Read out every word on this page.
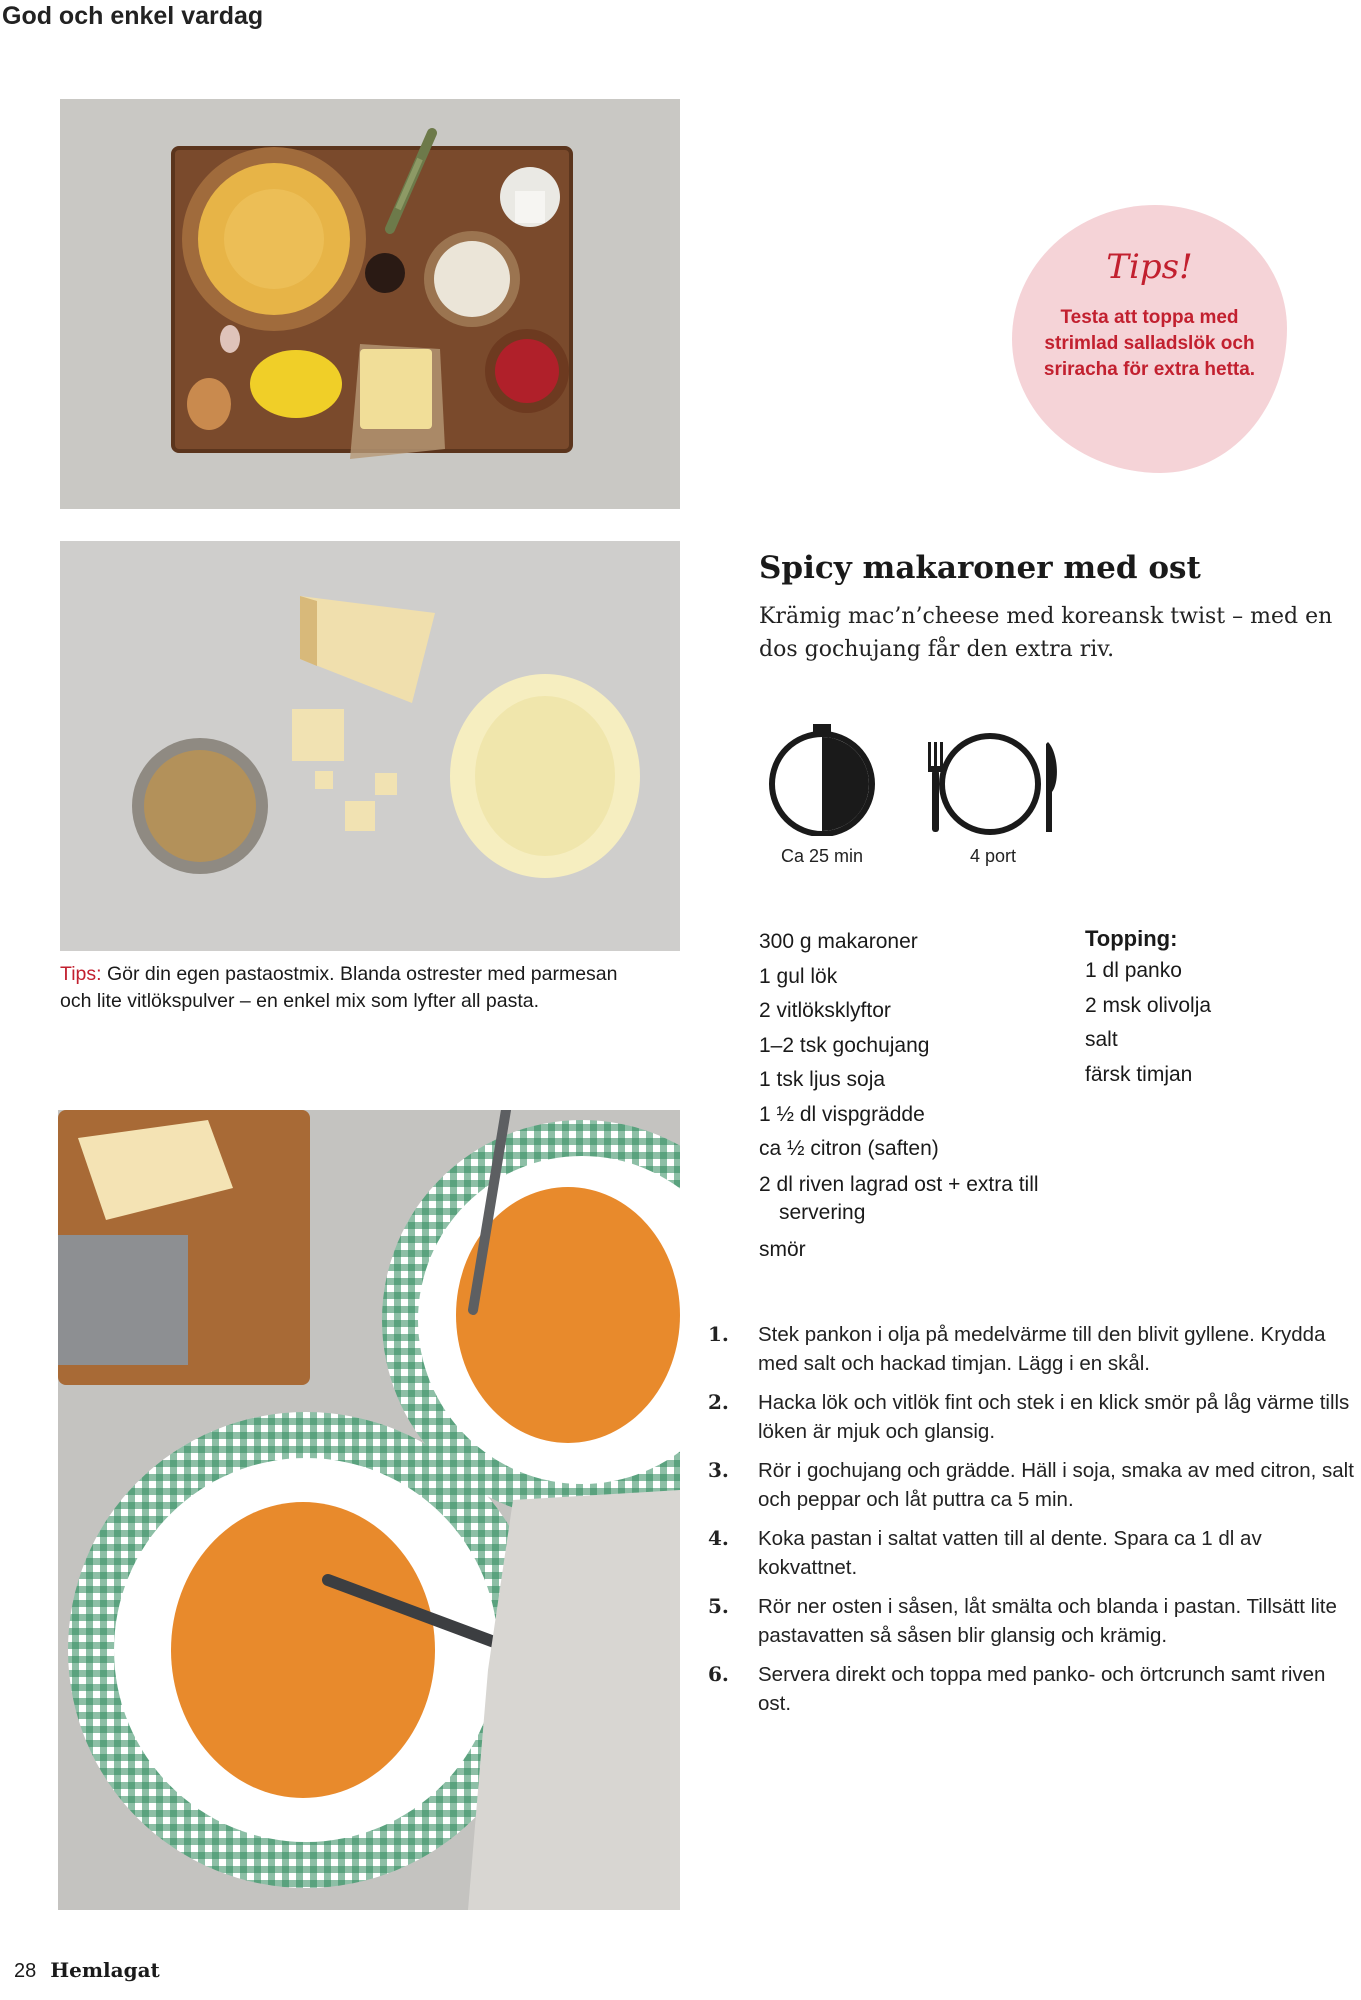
God och enkel vardag
Tips: Gör din egen pastaostmix. Blanda ostrester med parmesan och lite vitlökspulver – en enkel mix som lyfter all pasta.
Tips!
Testa att toppa med strimlad salladslök och sriracha för extra hetta.
Spicy makaroner med ost
Krämig mac’n’cheese med koreansk twist – med en dos gochujang får den extra riv.
Ca 25 min	4 port
300 g makaroner
1 gul lök
2 vitlöksklyftor
1–2 tsk gochujang
1 tsk ljus soja
1 ½ dl vispgrädde
ca ½ citron (saften)
2 dl riven lagrad ost + extra till servering
smör
Topping:
1 dl panko
2 msk olivolja
salt
färsk timjan
1.	Stek pankon i olja på medelvärme till den blivit gyllene. Krydda med salt och hackad timjan. Lägg i en skål.
2.	Hacka lök och vitlök fint och stek i en klick smör på låg värme tills löken är mjuk och glansig.
3.	Rör i gochujang och grädde. Häll i soja, smaka av med citron, salt och peppar och låt puttra ca 5 min.
4.	Koka pastan i saltat vatten till al dente. Spara ca 1 dl av kokvattnet.
5.	Rör ner osten i såsen, låt smälta och blanda i pastan. Tillsätt lite pastavatten så såsen blir glansig och krämig.
6.	Servera direkt och toppa med panko- och örtcrunch samt riven ost.
28 Hemlagat
